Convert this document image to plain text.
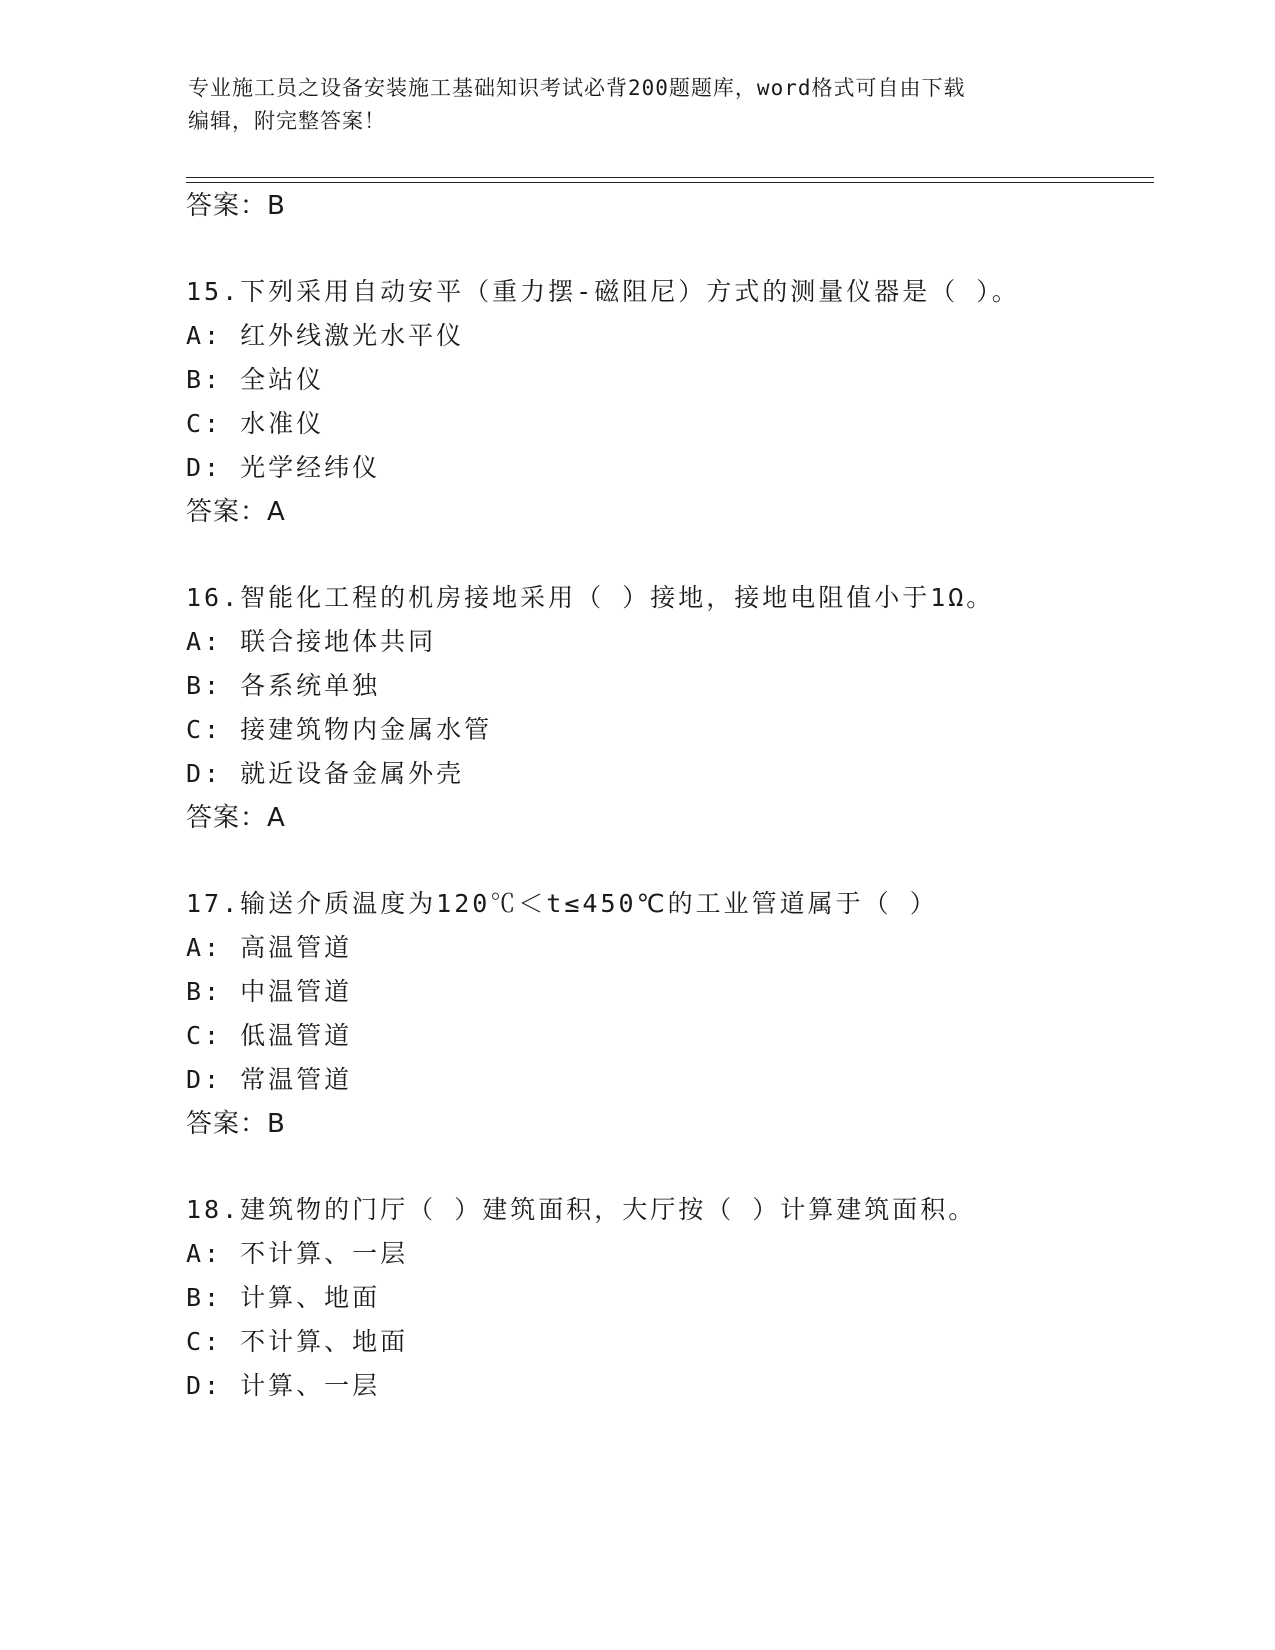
专业施工员之设备安装施工基础知识考试必背200题题库，word格式可自由下载
编辑，附完整答案！
答案：B
15.下列采用自动安平（重力摆-磁阻尼）方式的测量仪器是（ ）。
A: 红外线激光水平仪
B: 全站仪
C: 水准仪
D: 光学经纬仪
答案：A
16.智能化工程的机房接地采用（ ）接地，接地电阻值小于1Ω。
A: 联合接地体共同
B: 各系统单独
C: 接建筑物内金属水管
D: 就近设备金属外壳
答案：A
17.输送介质温度为120℃＜t≤450℃的工业管道属于（ ）
A: 高温管道
B: 中温管道
C: 低温管道
D: 常温管道
答案：B
18.建筑物的门厅（ ）建筑面积，大厅按（ ）计算建筑面积。
A: 不计算、一层
B: 计算、地面
C: 不计算、地面
D: 计算、一层
